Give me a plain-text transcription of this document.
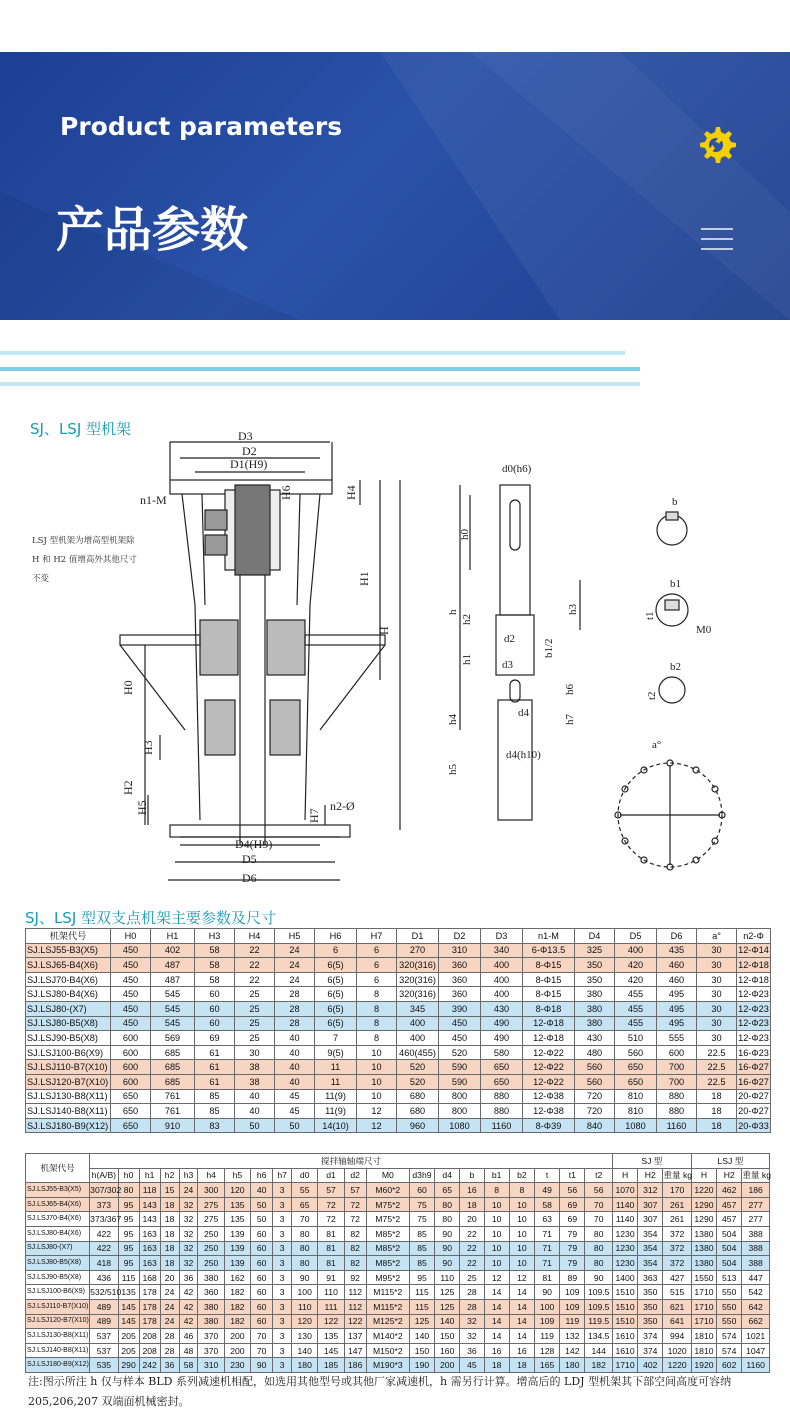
Product parameters
产品参数
SJ、LSJ 型机架	D3
D2
D1(H9)
n1-M
H1
H
H4
H6
H0
H3
H2
H5
H7
n2-Ø
D4(H9)
D5
D6
LSJ 型机架为增高型机架除 H 和 H2 值增高外其他尺寸不变
d0(h6)
h0
h
h2
h3
d2	b1/2
h1	d3
h6
d4
h7
h4
d4(h10)
h5
b
b1
t1
M0
b2
t2
a°
SJ、LSJ 型双支点机架主要参数及尺寸
机架代号	H0	H1	H3	H4	H5	H6	H7	D1	D2	D3	n1-M	D4	D5	D6	a°	n2-Φ
SJ.LSJ55-B3(X5)	450	402	58	22	24	6	6	270	310	340	6-Φ13.5	325	400	435	30	12-Φ14
SJ.LSJ65-B4(X6)	450	487	58	22	24	6(5)	6	320(316)	360	400	8-Φ15	350	420	460	30	12-Φ18
SJ.LSJ70-B4(X6)	450	487	58	22	24	6(5)	6	320(316)	360	400	8-Φ15	350	420	460	30	12-Φ18
SJ.LSJ80-B4(X6)	450	545	60	25	28	6(5)	8	320(316)	360	400	8-Φ15	380	455	495	30	12-Φ23
SJ.LSJ80-(X7)	450	545	60	25	28	6(5)	8	345	390	430	8-Φ18	380	455	495	30	12-Φ23
SJ.LSJ80-B5(X8)	450	545	60	25	28	6(5)	8	400	450	490	12-Φ18	380	455	495	30	12-Φ23
SJ.LSJ90-B5(X8)	600	569	69	25	40	7	8	400	450	490	12-Φ18	430	510	555	30	12-Φ23
SJ.LSJ100-B6(X9)	600	685	61	30	40	9(5)	10	460(455)	520	580	12-Φ22	480	560	600	22.5	16-Φ23
SJ.LSJ110-B7(X10)	600	685	61	38	40	11	10	520	590	650	12-Φ22	560	650	700	22.5	16-Φ27
SJ.LSJ120-B7(X10)	600	685	61	38	40	11	10	520	590	650	12-Φ22	560	650	700	22.5	16-Φ27
SJ.LSJ130-B8(X11)	650	761	85	40	45	11(9)	10	680	800	880	12-Φ38	720	810	880	18	20-Φ27
SJ.LSJ140-B8(X11)	650	761	85	40	45	11(9)	12	680	800	880	12-Φ38	720	810	880	18	20-Φ27
SJ.LSJ180-B9(X12)	650	910	83	50	50	14(10)	12	960	1080	1160	8-Φ39	840	1080	1160	18	20-Φ33
机架代号	搅拌轴轴端尺寸																					SJ 型			LSJ 型		
	h(A/B)	h0	h1	h2	h3	h4	h5	h6	h7	d0	d1	d2	M0	d3h9	d4	b	b1	b2	t	t1	t2	H	H2	重量 kg	H	H2	重量 kg
SJ.LSJ55-B3(X5)	307/302	80	118	15	24	300	120	40	3	55	57	57	M60*2	60	65	16	8	8	49	56	56	1070	312	170	1220	462	186
SJ.LSJ65-B4(X6)	373	95	143	18	32	275	135	50	3	65	72	72	M75*2	75	80	18	10	10	58	69	70	1140	307	261	1290	457	277
SJ.LSJ70-B4(X6)	373/367	95	143	18	32	275	135	50	3	70	72	72	M75*2	75	80	20	10	10	63	69	70	1140	307	261	1290	457	277
SJ.LSJ80-B4(X6)	422	95	163	18	32	250	139	60	3	80	81	82	M85*2	85	90	22	10	10	71	79	80	1230	354	372	1380	504	388
SJ.LSJ80-(X7)	422	95	163	18	32	250	139	60	3	80	81	82	M85*2	85	90	22	10	10	71	79	80	1230	354	372	1380	504	388
SJ.LSJ80-B5(X8)	418	95	163	18	32	250	139	60	3	80	81	82	M85*2	85	90	22	10	10	71	79	80	1230	354	372	1380	504	388
SJ.LSJ90-B5(X8)	436	115	168	20	36	380	162	60	3	90	91	92	M95*2	95	110	25	12	12	81	89	90	1400	363	427	1550	513	447
SJ.LSJ100-B6(X9)	532/510	135	178	24	42	360	182	60	3	100	110	112	M115*2	115	125	28	14	14	90	109	109.5	1510	350	515	1710	550	542
SJ.LSJ110-B7(X10)	489	145	178	24	42	380	182	60	3	110	111	112	M115*2	115	125	28	14	14	100	109	109.5	1510	350	621	1710	550	642
SJ.LSJ120-B7(X10)	489	145	178	24	42	380	182	60	3	120	122	122	M125*2	125	140	32	14	14	109	119	119.5	1510	350	641	1710	550	662
SJ.LSJ130-B8(X11)	537	205	208	28	46	370	200	70	3	130	135	137	M140*2	140	150	32	14	14	119	132	134.5	1610	374	994	1810	574	1021
SJ.LSJ140-B8(X11)	537	205	208	28	48	370	200	70	3	140	145	147	M150*2	150	160	36	16	16	128	142	144	1610	374	1020	1810	574	1047
SJ.LSJ180-B9(X12)	535	290	242	36	58	310	230	90	3	180	185	186	M190*3	190	200	45	18	18	165	180	182	1710	402	1220	1920	602	1160
注:图示所注 h 仅与样本 BLD 系列减速机相配，如选用其他型号或其他厂家减速机，h 需另行计算。增高后的 LDJ 型机架其下部空间高度可容纳 205,206,207 双端面机械密封。
